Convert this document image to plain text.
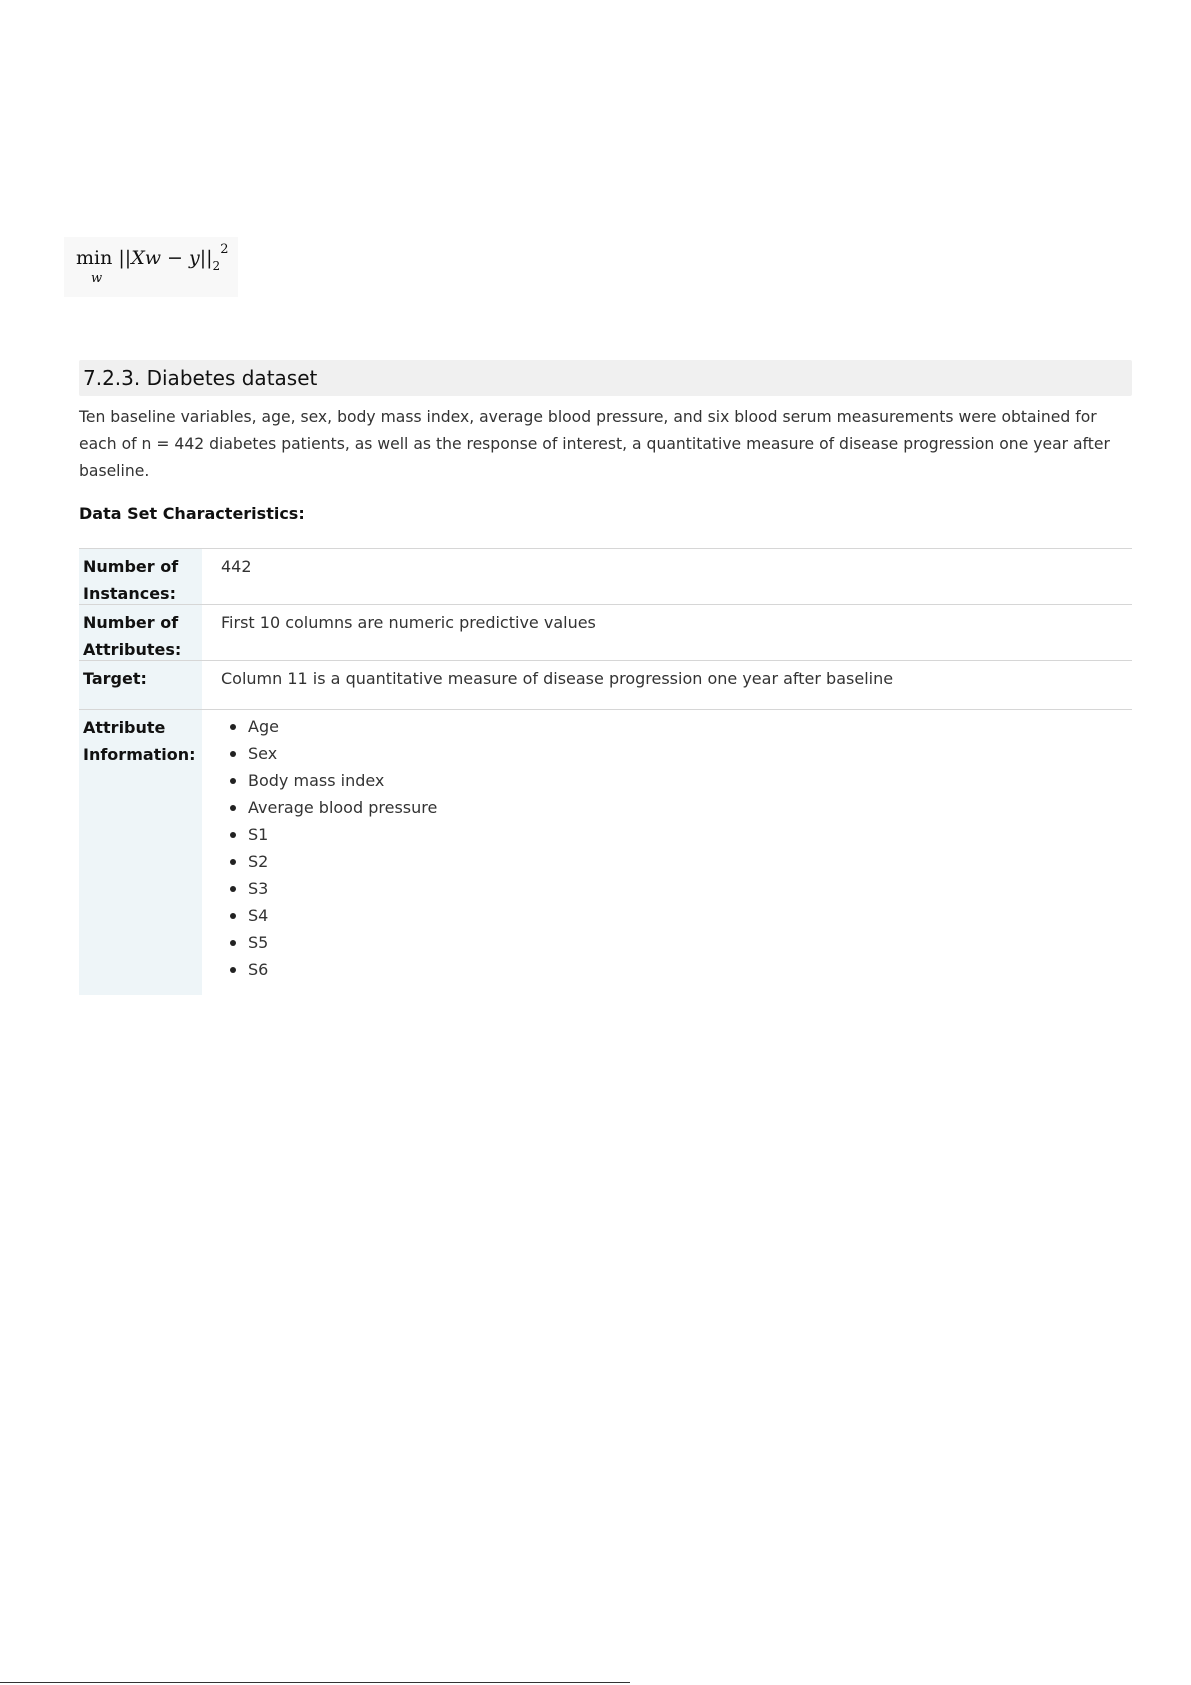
min
w
$||Xw - y||_2^2$
7.2.3. Diabetes dataset

Ten baseline variables, age, sex, body mass index, average blood pressure, and six blood serum measurements were obtained for each of n = 442 diabetes patients, as well as the response of interest, a quantitative measure of disease progression one year after baseline.

Data Set Characteristics:

Number of Instances:
442
Number of Attributes:
First 10 columns are numeric predictive values
Target:	Column 11 is a quantitative measure of disease progression one year after baseline
Attribute Information:
Age
Sex
Body mass index
Average blood pressure
S1
S2
S3
S4
S5
S6
